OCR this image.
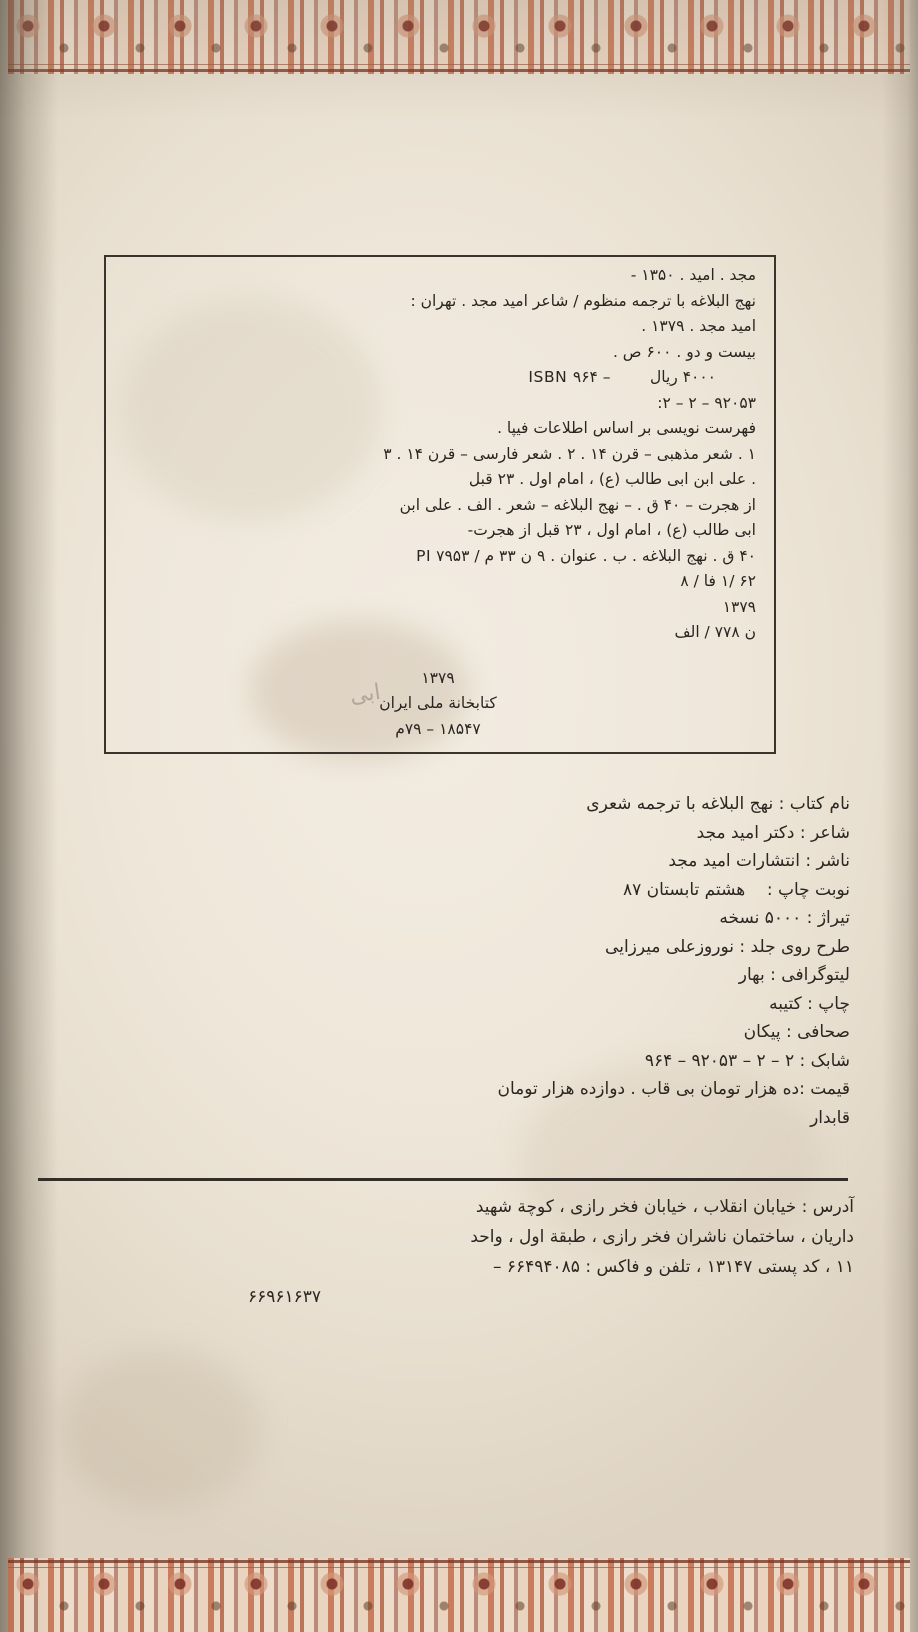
مجد . امید . ۱۳۵۰ -
نهج البلاغه با ترجمه منظوم / شاعر امید مجد . تهران :
امید مجد . ۱۳۷۹ .
بیست و دو . ۶۰۰ ص .
۴۰۰۰ ریال        – ISBN ۹۶۴
۹۲۰۵۳ – ۲ – ۲:
فهرست نویسی بر اساس اطلاعات فیپا .
۱ . شعر مذهبی – قرن ۱۴ . ۲ . شعر فارسی – قرن ۱۴ . ۳
. علی ابن ابی طالب (ع) ، امام اول . ۲۳ قبل
از هجرت – ۴۰ ق . – نهج البلاغه – شعر . الف . علی ابن
ابی طالب (ع) ، امام اول ، ۲۳ قبل از هجرت-
۴۰ ق . نهج البلاغه . ب . عنوان . ۹ ن ۳۳ م / ۷۹۵۳ PI
۶۲ /۱ فا / ۸
۱۳۷۹
ن ۷۷۸ / الف

۱۳۷۹
کتابخانة ملی ایران
۱۸۵۴۷ – ۷۹م
ابی
نام کتاب : نهج البلاغه با ترجمه شعری
شاعر : دکتر امید مجد
ناشر : انتشارات امید مجد
نوبت چاپ :    هشتم تابستان ۸۷
تیراژ : ۵۰۰۰ نسخه
طرح روی جلد : نوروزعلی میرزایی
لیتوگرافی : بهار
چاپ : کتیبه
صحافی : پیکان
شابک : ۲ – ۲ – ۹۲۰۵۳ – ۹۶۴
قیمت :ده هزار تومان بی قاب . دوازده هزار تومان
قابدار
آدرس : خیابان انقلاب ، خیابان فخر رازی ، کوچة شهید
داریان ، ساختمان ناشران فخر رازی ، طبقة اول ، واحد
۱۱ ، کد پستی ۱۳۱۴۷ ، تلفن و فاکس : ۶۶۴۹۴۰۸۵ –
۶۶۹۶۱۶۳۷
